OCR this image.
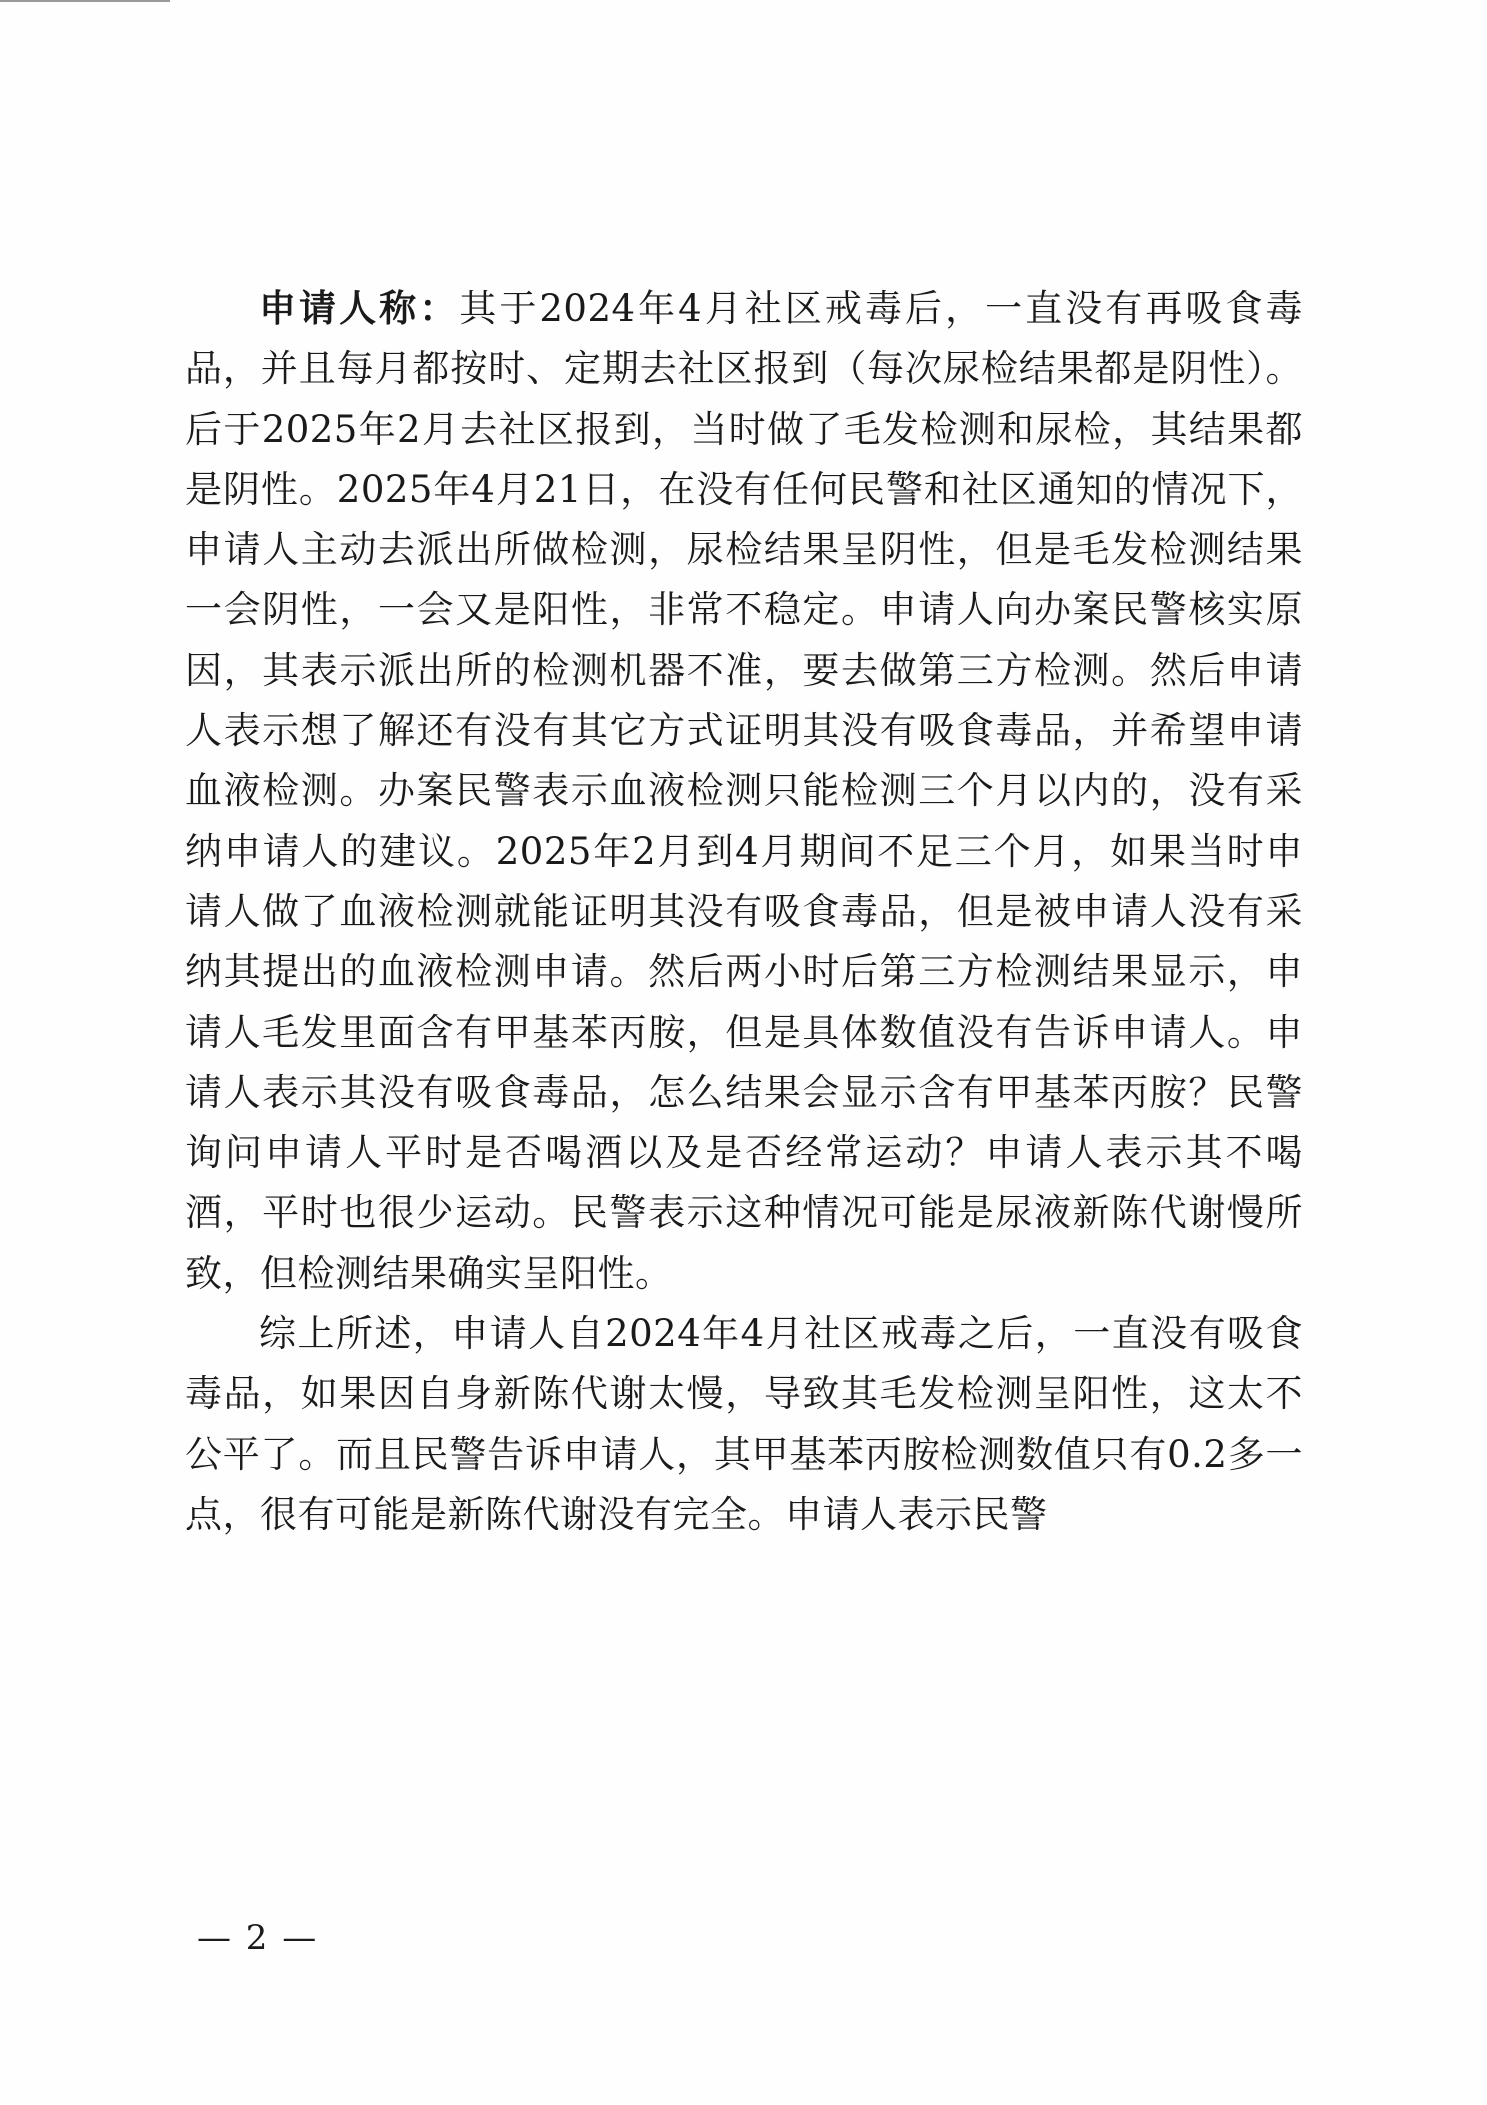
申请人称：其于2024年4月社区戒毒后，一直没有再吸食毒品，并且每月都按时、定期去社区报到（每次尿检结果都是阴性）。后于2025年2月去社区报到，当时做了毛发检测和尿检，其结果都是阴性。2025年4月21日，在没有任何民警和社区通知的情况下，申请人主动去派出所做检测，尿检结果呈阴性，但是毛发检测结果一会阴性，一会又是阳性，非常不稳定。申请人向办案民警核实原因，其表示派出所的检测机器不准，要去做第三方检测。然后申请人表示想了解还有没有其它方式证明其没有吸食毒品，并希望申请血液检测。办案民警表示血液检测只能检测三个月以内的，没有采纳申请人的建议。2025年2月到4月期间不足三个月，如果当时申请人做了血液检测就能证明其没有吸食毒品，但是被申请人没有采纳其提出的血液检测申请。然后两小时后第三方检测结果显示，申请人毛发里面含有甲基苯丙胺，但是具体数值没有告诉申请人。申请人表示其没有吸食毒品，怎么结果会显示含有甲基苯丙胺？民警询问申请人平时是否喝酒以及是否经常运动？申请人表示其不喝酒，平时也很少运动。民警表示这种情况可能是尿液新陈代谢慢所致，但检测结果确实呈阳性。

综上所述，申请人自2024年4月社区戒毒之后，一直没有吸食毒品，如果因自身新陈代谢太慢，导致其毛发检测呈阳性，这太不公平了。而且民警告诉申请人，其甲基苯丙胺检测数值只有0.2多一点，很有可能是新陈代谢没有完全。申请人表示民警

— 2 —
